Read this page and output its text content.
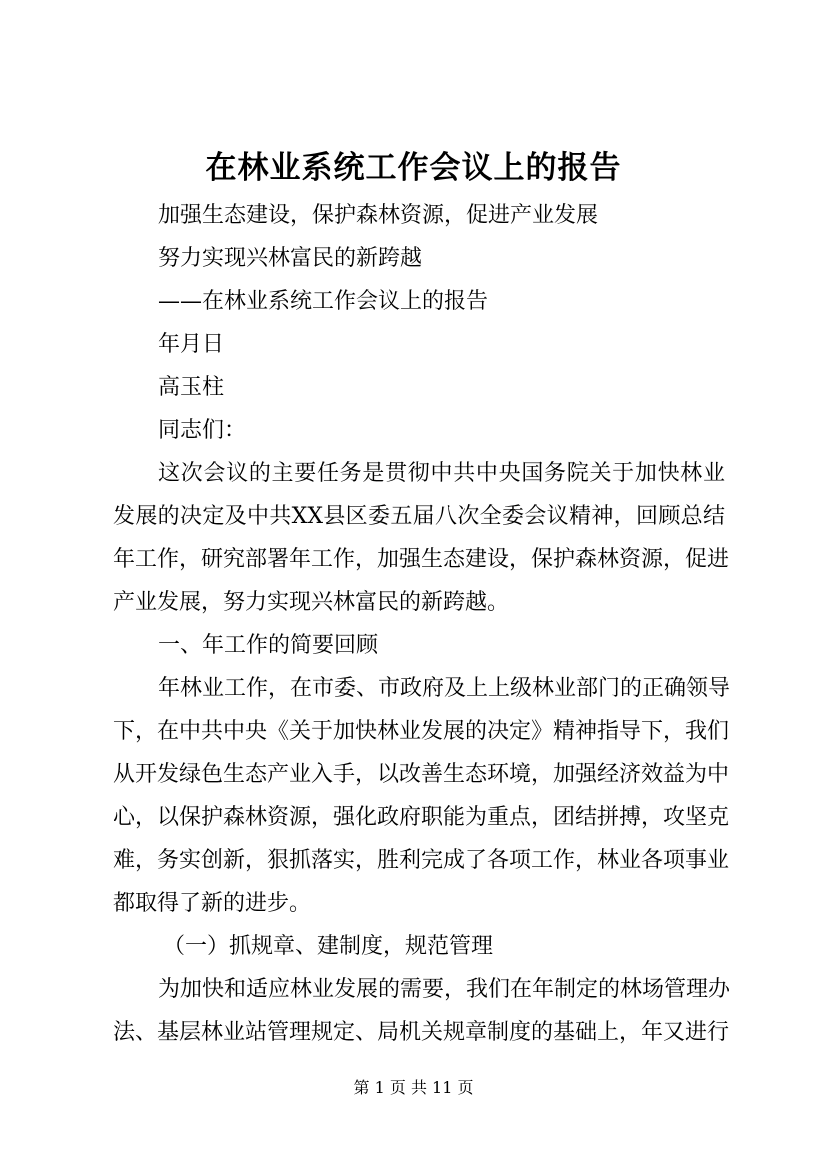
在林业系统工作会议上的报告

加强生态建设，保护森林资源，促进产业发展

努力实现兴林富民的新跨越

——在林业系统工作会议上的报告

年月日

高玉柱

同志们：

这次会议的主要任务是贯彻中共中央国务院关于加快林业

发展的决定及中共XX县区委五届八次全委会议精神，回顾总结

年工作，研究部署年工作，加强生态建设，保护森林资源，促进

产业发展，努力实现兴林富民的新跨越。

一、年工作的简要回顾

年林业工作，在市委、市政府及上上级林业部门的正确领导

下，在中共中央《关于加快林业发展的决定》精神指导下，我们

从开发绿色生态产业入手，以改善生态环境，加强经济效益为中

心，以保护森林资源，强化政府职能为重点，团结拼搏，攻坚克

难，务实创新，狠抓落实，胜利完成了各项工作，林业各项事业

都取得了新的进步。

（一）抓规章、建制度，规范管理

为加快和适应林业发展的需要，我们在年制定的林场管理办

法、基层林业站管理规定、局机关规章制度的基础上，年又进行

第 1 页 共 11 页
